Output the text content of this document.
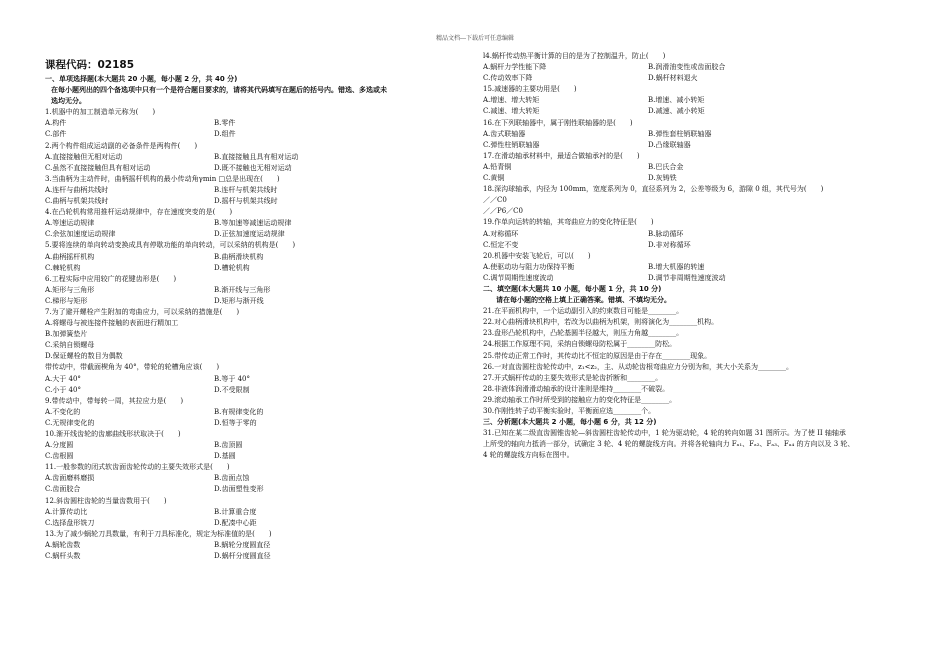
精品文档---下载后可任意编辑
课程代码：02185
一、单项选择题(本大题共 20 小题，每小题 2 分，共 40 分)
在每小题列出的四个备选项中只有一个是符合题目要求的，请将其代码填写在题后的括号内。错选、多选或未
选均无分。
1.机器中的加工制造单元称为(　　)
A.构件	B.零件
C.部件	D.组件
2.两个构件组成运动副的必备条件是两构件(　　)
A.直接接触但无相对运动	B.直接接触且具有相对运动
C.虽然不直接接触但具有相对运动	D.既不接触也无相对运动
3.当曲柄为主动件时，曲柄摇杆机构的最小传动角γmin □总是出现在(　　)
A.连杆与曲柄共线时	B.连杆与机架共线时
C.曲柄与机架共线时	D.摇杆与机架共线时
4.在凸轮机构常用推杆运动规律中，存在速度突变的是(　　)
A.等速运动规律	B.等加速等减速运动规律
C.余弦加速度运动规律	D.正弦加速度运动规律
5.要将连续的单向转动变换成具有停歇功能的单向转动，可以采纳的机构是(　　)
A.曲柄摇杆机构	B.曲柄滑块机构
C.棘轮机构	D.槽轮机构
6.工程实际中应用较广的花键齿形是(　　)
A.矩形与三角形	B.渐开线与三角形
C.梯形与矩形	D.矩形与渐开线
7.为了避开螺栓产生附加的弯曲应力，可以采纳的措施是(　　)
A.将螺母与被连接件接触的表面进行精加工
B.加弹簧垫片
C.采纳自锁螺母
D.保证螺栓的数目为偶数
带传动中，带截面楔角为 40°，带轮的轮槽角应该(　　)
A.大于 40°	B.等于 40°
C.小于 40°	D.不受限制
9.带传动中，带每转一周，其拉应力是(　　)
A.不变化的	B.有规律变化的
C.无规律变化的	D.恒等于零的
10.渐开线齿轮的齿廓曲线形状取决于(　　)
A.分度圆	B.齿顶圆
C.齿根圆	D.基圆
11.一般参数的闭式软齿面齿轮传动的主要失效形式是(　　)
A.齿面磨料磨损	B.齿面点蚀
C.齿面胶合	D.齿面塑性变形
12.斜齿圆柱齿轮的当量齿数用于(　　)
A.计算传动比	B.计算重合度
C.选择盘形铣刀	D.配凑中心距
13.为了减少蜗轮刀具数量，有利于刀具标准化，规定为标准值的是(　　)
A.蜗轮齿数	B.蜗轮分度圆直径
C.蜗杆头数	D.蜗杆分度圆直径
l4.蜗杆传动热平衡计算的目的是为了控制温升，防止(　　)
A.蜗杆力学性能下降	B.润滑油变性或齿面胶合
C.传动效率下降	D.蜗杆材料退火
15.减速器的主要功用是(　　)
A.增速、增大转矩	B.增速、减小转矩
C.减速、增大转矩	D.减速、减小转矩
16.在下列联轴器中，属于刚性联轴器的是(　　)
A.齿式联轴器	B.弹性套柱销联轴器
C.弹性柱销联轴器	D.凸缘联轴器
17.在滑动轴承材料中，最适合做轴承衬的是(　　)
A.铅青铜	B.巴氏合金
C.黄铜	D.灰铸铁
18.深沟球轴承，内径为 100mm，宽度系列为 0，直径系列为 2，公差等级为 6，游隙 0 组，其代号为(　　)
／／C0
／／P6／C0
19.作单向运转的转轴，其弯曲应力的变化特征是(　　)
A.对称循环	B.脉动循环
C.恒定不变	D.非对称循环
20.机器中安装飞轮后，可以(　　)
A.使驱动功与阻力功保持平衡	B.增大机器的转速
C.调节周期性速度波动	D.调节非周期性速度波动
二、填空题(本大题共 10 小题，每小题 1 分，共 10 分)
　请在每小题的空格上填上正确答案。错填、不填均无分。
21.在平面机构中，一个运动副引入的约束数目可能是________。
22.对心曲柄滑块机构中，若改为以曲柄为机架，则将演化为________机构。
23.盘形凸轮机构中，凸轮基圆半径越大，则压力角越________。
24.根据工作原理不同，采纳自锁螺母防松属于________防松。
25.带传动正常工作时，其传动比不恒定的原因是由于存在________现象。
26.一对直齿圆柱齿轮传动中，z₁<z₂，主、从动轮齿根弯曲应力分别为和，其大小关系为________。
27.开式蜗杆传动的主要失效形式是轮齿折断和________。
28.非液体润滑滑动轴承的设计准则是维持________不破裂。
29.滚动轴承工作时所受到的接触应力的变化特征是________。
30.作刚性转子动平衡实验时，平衡面应选________个。
三、分析题(本大题共 2 小题，每小题 6 分，共 12 分)
31.已知在某二级直齿圆锥齿轮—斜齿圆柱齿轮传动中，1 轮为驱动轮，4 轮的转向如题 31 图所示。为了使 II 轴轴承
上所受的轴向力抵消一部分，试确定 3 轮、4 轮的螺旋线方向。并将各轮轴向力 Fₐ₁、Fₐ₂、Fₐ₃、Fₐ₄ 的方向以及 3 轮、
4 轮的螺旋线方向标在图中。
